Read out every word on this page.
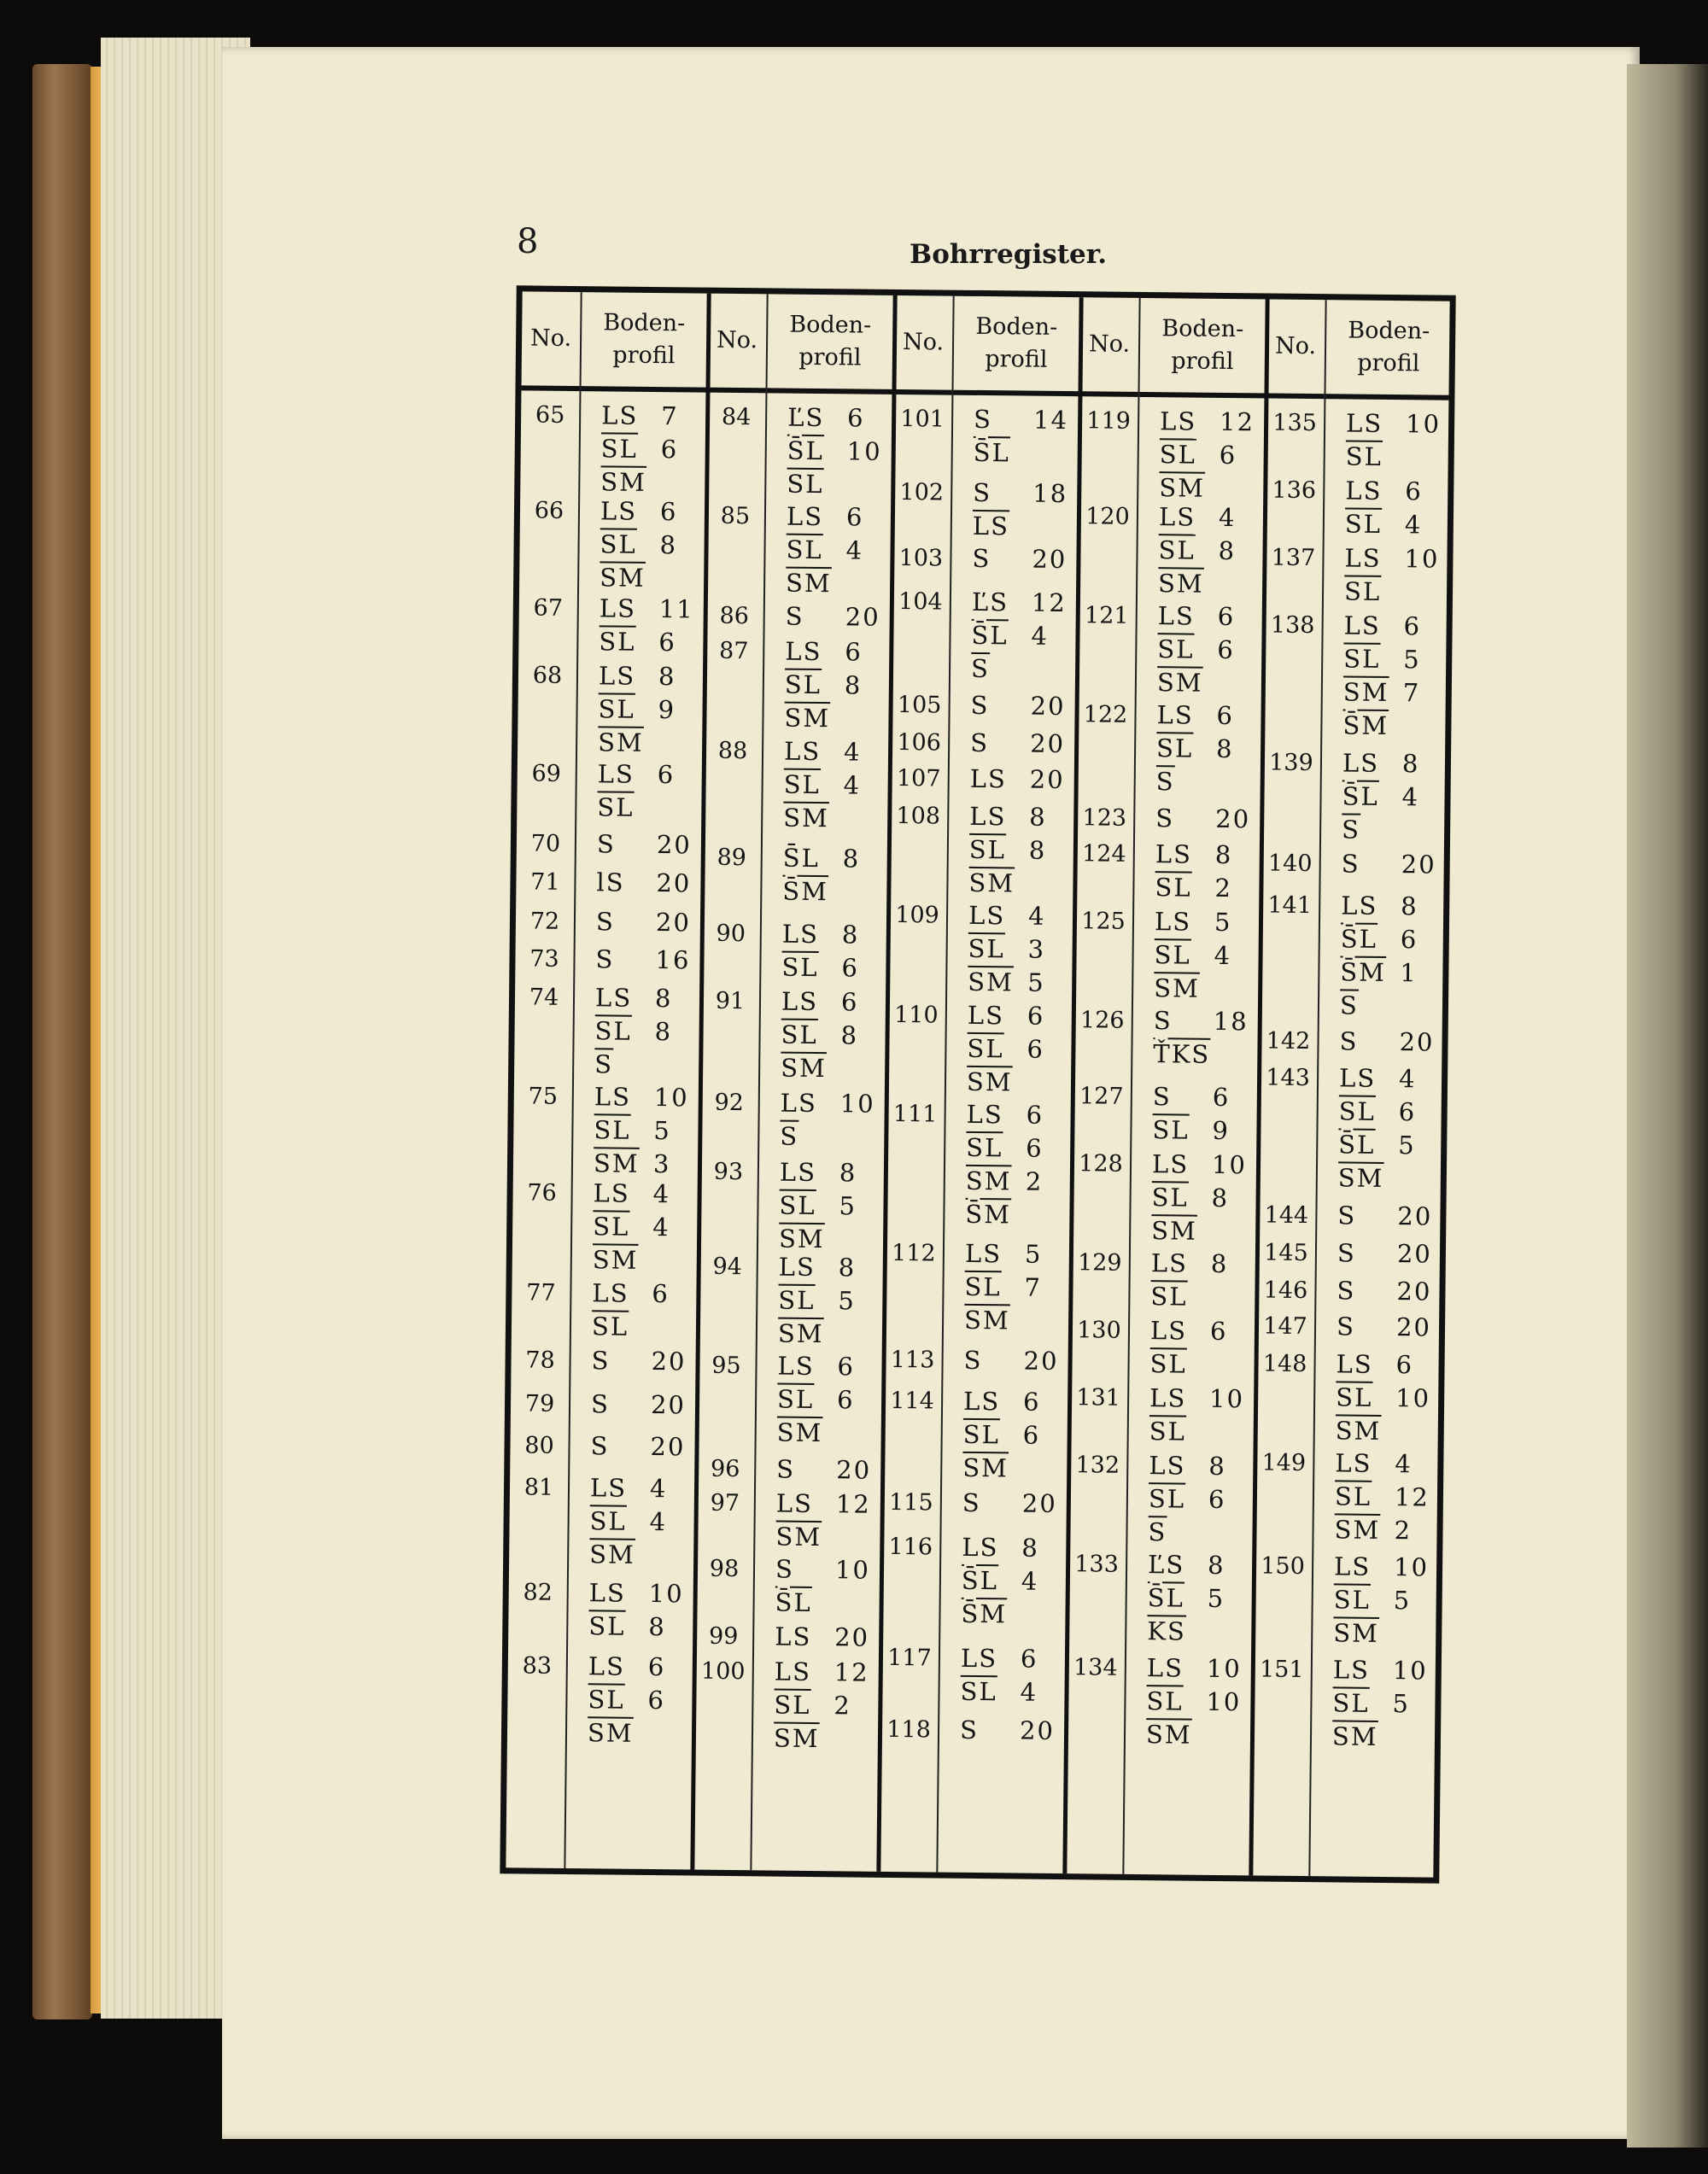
8	Bohrregister.
No.
Boden-
profil
65	LS 7
$\overline{SL}$ 6
$\overline{SM}$
66	LS 6
$\overline{SL}$ 8
$\overline{SM}$
67	LS 11
$\overline{SL}$ 6
68	LS 8
$\overline{SL}$ 9
$\overline{SM}$
69	LS 6
$\overline{SL}$
70	S 20
71	lS 20
72	S 20
73	S 16
74	LS 8
$\overline{SL}$ 8
$\overline{S}$
75	LS 10
$\overline{SL}$ 5
$\overline{SM}$ 3
76	LS 4
$\overline{SL}$ 4
$\overline{SM}$
77	LS 6
$\overline{SL}$
78	S 20
79	S 20
80	S 20
81	LS 4
$\overline{SL}$ 4
$\overline{SM}$
82	LS 10
$\overline{SL}$ 8
83	LS 6
$\overline{SL}$ 6
$\overline{SM}$
No.
Boden-
profil
84	ĽS 6
S̄L 10
$\overline{SL}$
85	LS 6
$\overline{SL}$ 4
$\overline{SM}$
86	S 20
87	LS 6
$\overline{SL}$ 8
$\overline{SM}$
88	LS 4
$\overline{SL}$ 4
$\overline{SM}$
89	S̄L 8
S̄M
90	LS 8
$\overline{SL}$ 6
91	LS 6
$\overline{SL}$ 8
$\overline{SM}$
92	LS 10
$\overline{S}$
93	LS 8
$\overline{SL}$ 5
$\overline{SM}$
94	LS 8
$\overline{SL}$ 5
$\overline{SM}$
95	LS 6
$\overline{SL}$ 6
$\overline{SM}$
96	S 20
97	LS 12
$\overline{SM}$
98	S 10
S̄L
99	LS 20
100 LS 12
$\overline{SL}$ 2
$\overline{SM}$
No.
Boden-
profil
101 S 14
S̄L
102 S 18
$\overline{LS}$
103 S 20
104 ĽS 12
S̄L 4
$\overline{S}$
105 S 20
106 S 20
107 LS 20
108 LS 8
$\overline{SL}$ 8
$\overline{SM}$
109 LS 4
$\overline{SL}$ 3
$\overline{SM}$ 5
110 LS 6
$\overline{SL}$ 6
$\overline{SM}$
111 LS 6
$\overline{SL}$ 6
$\overline{SM}$ 2
S̄M
112 LS 5
$\overline{SL}$ 7
$\overline{SM}$
113 S 20
114 LS 6
$\overline{SL}$ 6
$\overline{SM}$
115 S 20
116 LS 8
S̄L 4
S̄M
117 LS 6
$\overline{SL}$ 4
118 S 20
No.
Boden-
profil
119 LS 12
$\overline{SL}$ 6
$\overline{SM}$
120 LS 4
$\overline{SL}$ 8
$\overline{SM}$
121 LS 6
$\overline{SL}$ 6
$\overline{SM}$
122 LS 6
$\overline{SL}$ 8
$\overline{S}$
123 S 20
124 LS 8
$\overline{SL}$ 2
125 LS 5
$\overline{SL}$ 4
$\overline{SM}$
126 S 18
$\overline{ŤKS}$
127 S 6
$\overline{SL}$ 9
128 LS 10
$\overline{SL}$ 8
$\overline{SM}$
129 LS 8
$\overline{SL}$
130 LS 6
$\overline{SL}$
131 LS 10
$\overline{SL}$
132 LS 8
$\overline{SL}$ 6
$\overline{S}$
133 ĽS 8
S̄L 5
$\overline{KS}$
134 LS 10
$\overline{SL}$ 10
$\overline{SM}$
No.
Boden-
profil
135 LS 10
$\overline{SL}$
136 LS 6
$\overline{SL}$ 4
137 LS 10
$\overline{SL}$
138 LS 6
$\overline{SL}$ 5
$\overline{SM}$ 7
S̄M
139 LS 8
S̄L 4
$\overline{S}$
140 S 20
141 LS 8
S̄L 6
S̄M 1
$\overline{S}$
142 S 20
143 LS 4
$\overline{SL}$ 6
S̄L 5
$\overline{SM}$
144 S 20
145 S 20
146 S 20
147 S 20
148 LS 6
$\overline{SL}$ 10
$\overline{SM}$
149 LS 4
$\overline{SL}$ 12
$\overline{SM}$ 2
150 LS 10
$\overline{SL}$ 5
$\overline{SM}$
151 LS 10
$\overline{SL}$ 5
$\overline{SM}$
